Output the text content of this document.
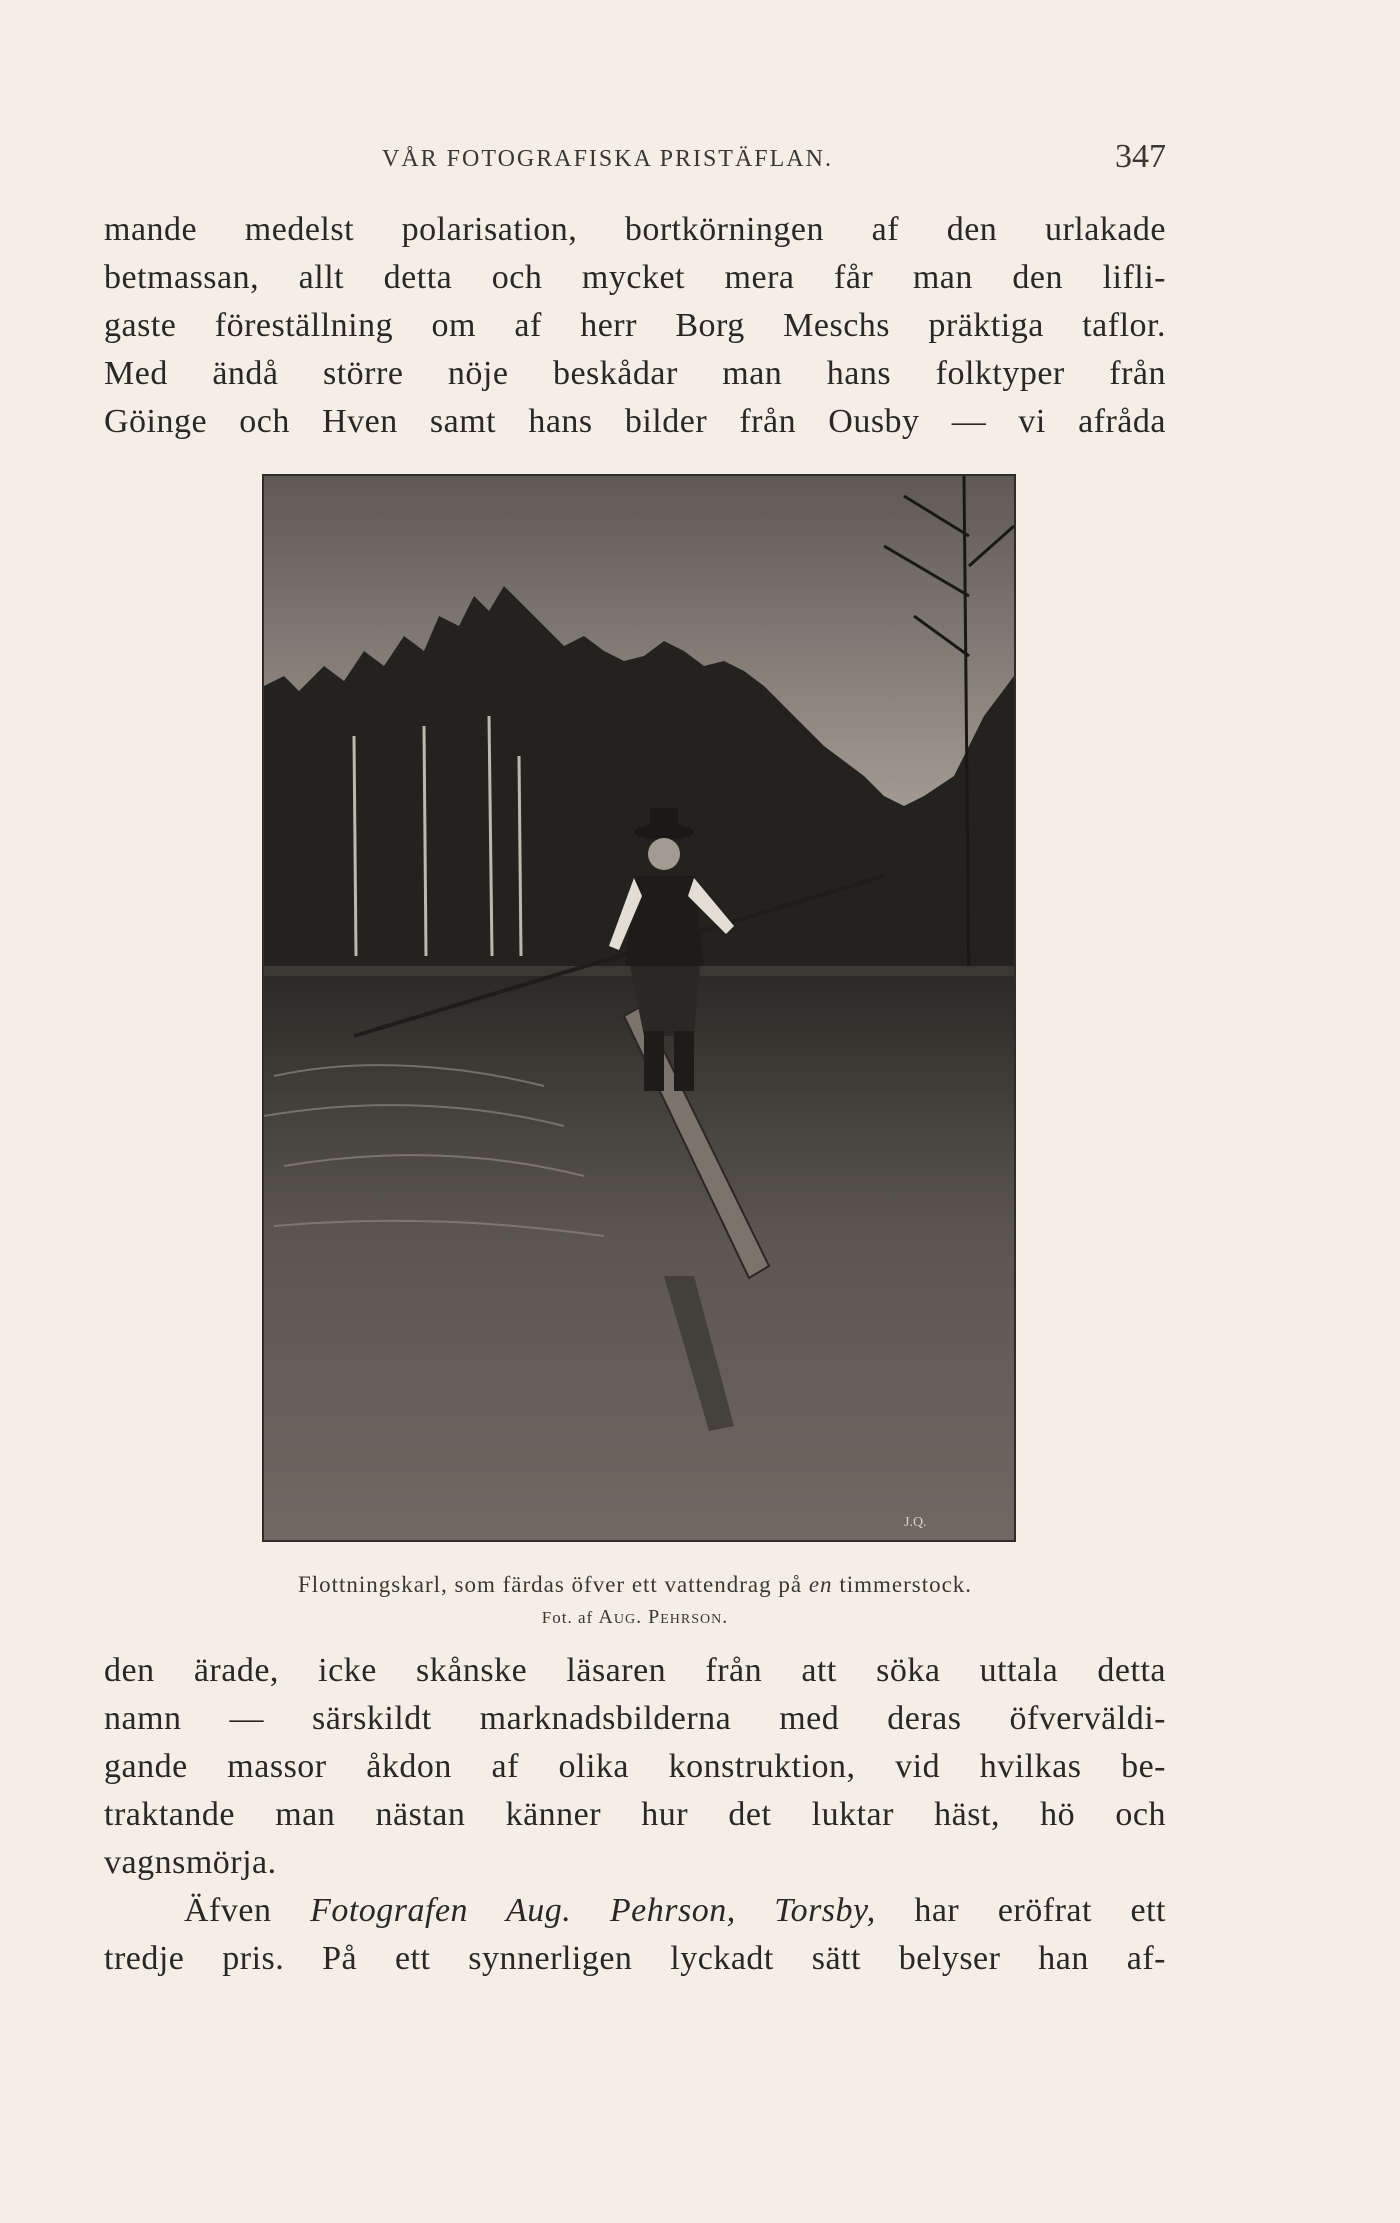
VÅR FOTOGRAFISKA PRISTÄFLAN.	347

mande medelst polarisation, bortkörningen af den urlakade
betmassan, allt detta och mycket mera får man den lifli-
gaste föreställning om af herr Borg Meschs präktiga taflor.
Med ändå större nöje beskådar man hans folktyper från
Göinge och Hven samt hans bilder från Ousby — vi afråda

J.Q.
Flottningskarl, som färdas öfver ett vattendrag på en timmerstock.
Fot. af Aug. Pehrson.

den ärade, icke skånske läsaren från att söka uttala detta
namn — särskildt marknadsbilderna med deras öfverväldi-
gande massor åkdon af olika konstruktion, vid hvilkas be-
traktande man nästan känner hur det luktar häst, hö och
vagnsmörja.

Äfven Fotografen Aug. Pehrson, Torsby, har eröfrat ett
tredje pris. På ett synnerligen lyckadt sätt belyser han af-
